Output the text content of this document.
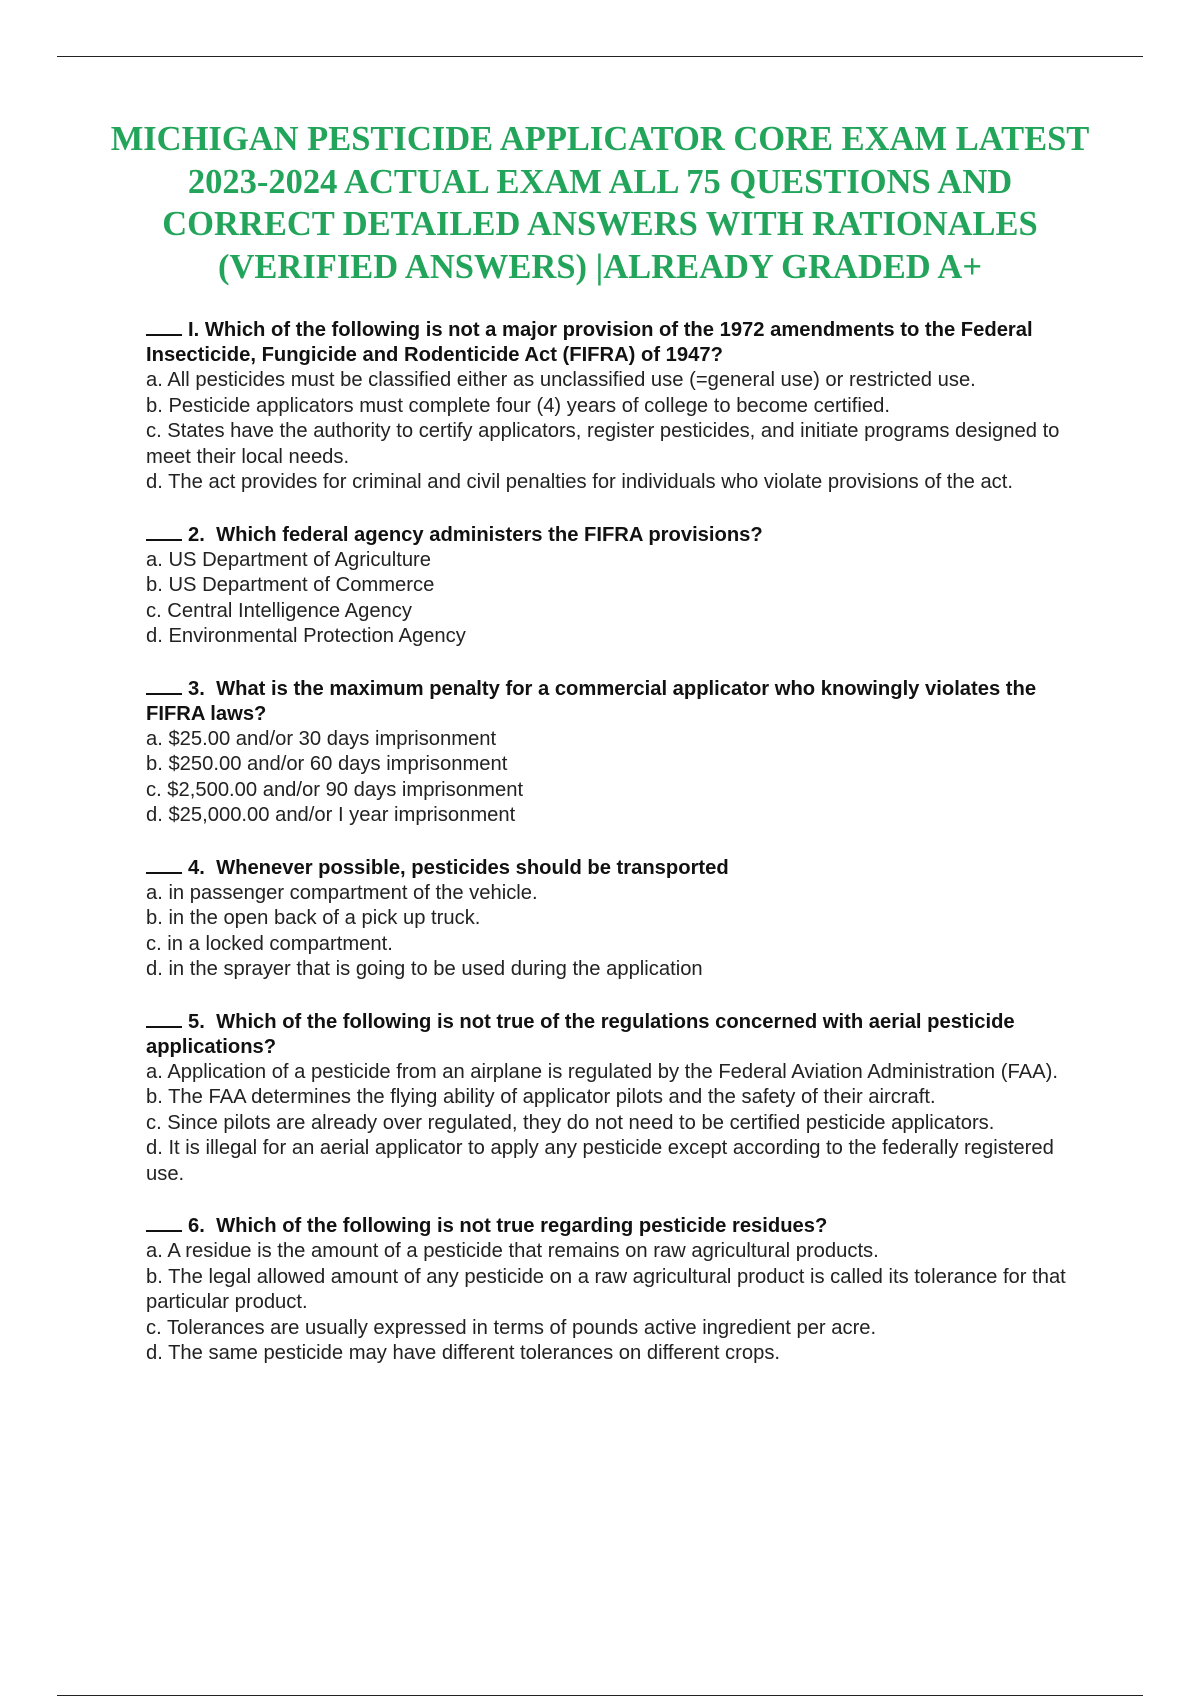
MICHIGAN PESTICIDE APPLICATOR CORE EXAM LATEST
2023-2024 ACTUAL EXAM ALL 75 QUESTIONS AND
CORRECT DETAILED ANSWERS WITH RATIONALES
(VERIFIED ANSWERS) |ALREADY GRADED A+
I. Which of the following is not a major provision of the 1972 amendments to the Federal Insecticide, Fungicide and Rodenticide Act (FIFRA) of 1947?
a. All pesticides must be classified either as unclassified use (=general use) or restricted use.
b. Pesticide applicators must complete four (4) years of college to become certified.
c. States have the authority to certify applicators, register pesticides, and initiate programs designed to meet their local needs.
d. The act provides for criminal and civil penalties for individuals who violate provisions of the act.
2. Which federal agency administers the FIFRA provisions?
a. US Department of Agriculture
b. US Department of Commerce
c. Central Intelligence Agency
d. Environmental Protection Agency
3. What is the maximum penalty for a commercial applicator who knowingly violates the FIFRA laws?
a. $25.00 and/or 30 days imprisonment
b. $250.00 and/or 60 days imprisonment
c. $2,500.00 and/or 90 days imprisonment
d. $25,000.00 and/or I year imprisonment
4. Whenever possible, pesticides should be transported
a. in passenger compartment of the vehicle.
b. in the open back of a pick up truck.
c. in a locked compartment.
d. in the sprayer that is going to be used during the application
5. Which of the following is not true of the regulations concerned with aerial pesticide applications?
a. Application of a pesticide from an airplane is regulated by the Federal Aviation Administration (FAA).
b. The FAA determines the flying ability of applicator pilots and the safety of their aircraft.
c. Since pilots are already over regulated, they do not need to be certified pesticide applicators.
d. It is illegal for an aerial applicator to apply any pesticide except according to the federally registered use.
6. Which of the following is not true regarding pesticide residues?
a. A residue is the amount of a pesticide that remains on raw agricultural products.
b. The legal allowed amount of any pesticide on a raw agricultural product is called its tolerance for that particular product.
c. Tolerances are usually expressed in terms of pounds active ingredient per acre.
d. The same pesticide may have different tolerances on different crops.
